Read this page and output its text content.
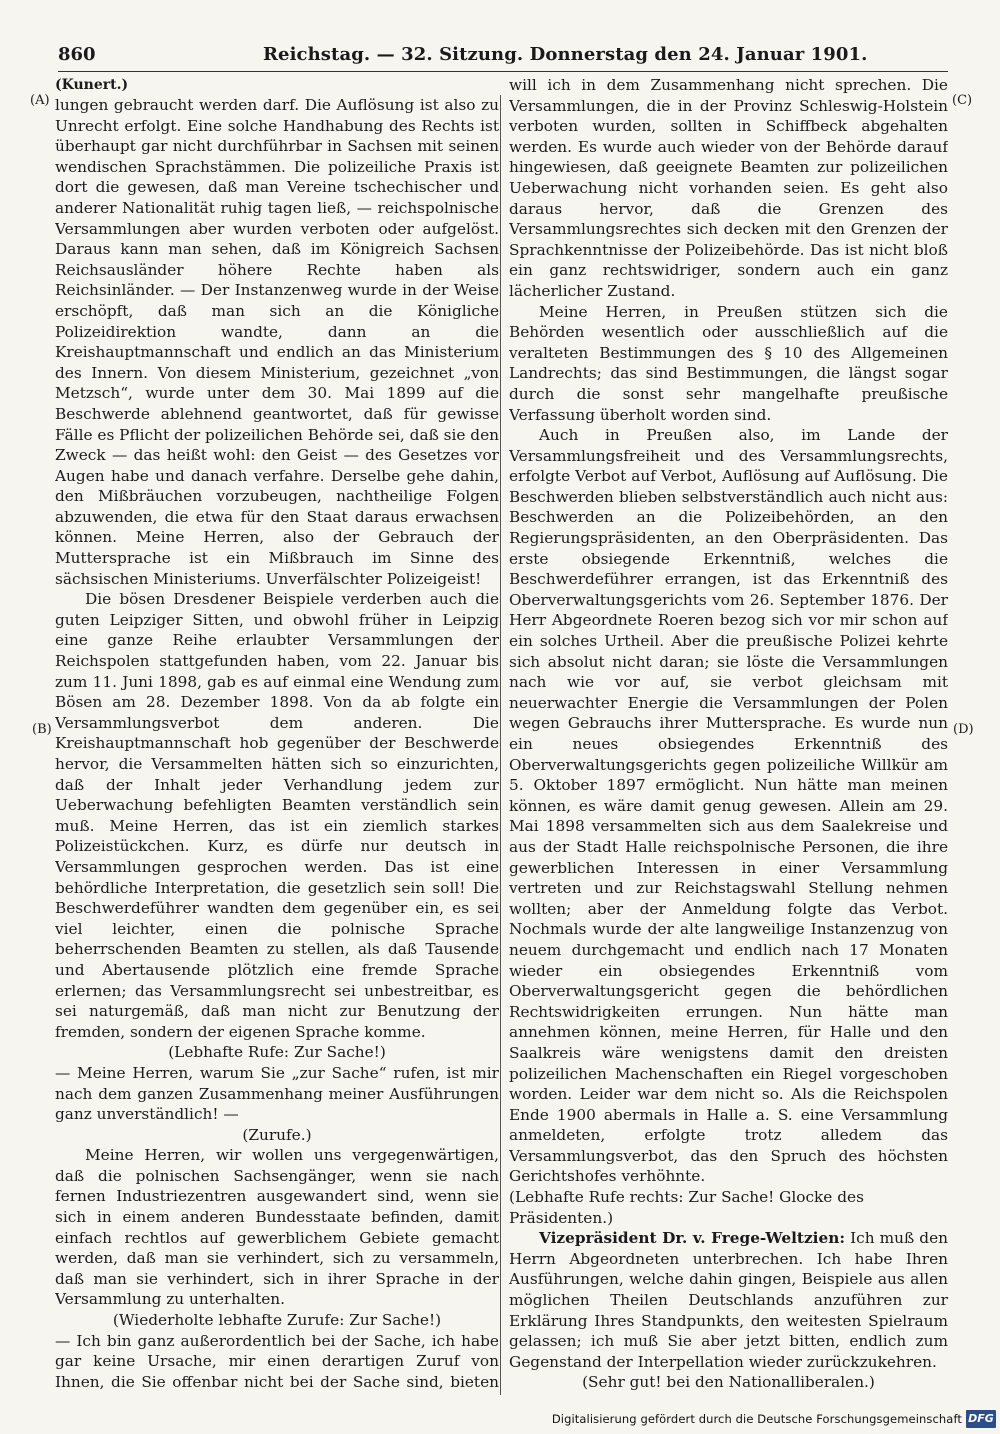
860	Reichstag. — 32. Sitzung. Donnerstag den 24. Januar 1901.
(A)
(B)
(C)
(D)

(Kunert.)

lungen gebraucht werden darf. Die Auflösung ist also zu Unrecht erfolgt. Eine solche Handhabung des Rechts ist überhaupt gar nicht durchführbar in Sachsen mit seinen wendischen Sprachstämmen. Die polizeiliche Praxis ist dort die gewesen, daß man Vereine tschechischer und anderer Nationalität ruhig tagen ließ, — reichspolnische Versammlungen aber wurden verboten oder aufgelöst. Daraus kann man sehen, daß im Königreich Sachsen Reichsausländer höhere Rechte haben als Reichsinländer. — Der Instanzenweg wurde in der Weise erschöpft, daß man sich an die Königliche Polizeidirektion wandte, dann an die Kreishauptmannschaft und endlich an das Ministerium des Innern. Von diesem Ministerium, gezeichnet „von Metzsch“, wurde unter dem 30. Mai 1899 auf die Beschwerde ablehnend geantwortet, daß für gewisse Fälle es Pflicht der polizeilichen Behörde sei, daß sie den Zweck — das heißt wohl: den Geist — des Gesetzes vor Augen habe und danach verfahre. Derselbe gehe dahin, den Mißbräuchen vorzubeugen, nachtheilige Folgen abzuwenden, die etwa für den Staat daraus erwachsen können. Meine Herren, also der Gebrauch der Muttersprache ist ein Mißbrauch im Sinne des sächsischen Ministeriums. Unverfälschter Polizeigeist!

Die bösen Dresdener Beispiele verderben auch die guten Leipziger Sitten, und obwohl früher in Leipzig eine ganze Reihe erlaubter Versammlungen der Reichspolen stattgefunden haben, vom 22. Januar bis zum 11. Juni 1898, gab es auf einmal eine Wendung zum Bösen am 28. Dezember 1898. Von da ab folgte ein Versammlungsverbot dem anderen. Die Kreishauptmannschaft hob gegenüber der Beschwerde hervor, die Versammelten hätten sich so einzurichten, daß der Inhalt jeder Verhandlung jedem zur Ueberwachung befehligten Beamten verständlich sein muß. Meine Herren, das ist ein ziemlich starkes Polizeistückchen. Kurz, es dürfe nur deutsch in Versammlungen gesprochen werden. Das ist eine behördliche Interpretation, die gesetzlich sein soll! Die Beschwerdeführer wandten dem gegenüber ein, es sei viel leichter, einen die polnische Sprache beherrschenden Beamten zu stellen, als daß Tausende und Abertausende plötzlich eine fremde Sprache erlernen; das Versammlungsrecht sei unbestreitbar, es sei naturgemäß, daß man nicht zur Benutzung der fremden, sondern der eigenen Sprache komme.

(Lebhafte Rufe: Zur Sache!)

— Meine Herren, warum Sie „zur Sache“ rufen, ist mir nach dem ganzen Zusammenhang meiner Ausführungen ganz unverständlich! —

(Zurufe.)

Meine Herren, wir wollen uns vergegenwärtigen, daß die polnischen Sachsengänger, wenn sie nach fernen Industriezentren ausgewandert sind, wenn sie sich in einem anderen Bundesstaate befinden, damit einfach rechtlos auf gewerblichem Gebiete gemacht werden, daß man sie verhindert, sich zu versammeln, daß man sie verhindert, sich in ihrer Sprache in der Versammlung zu unterhalten.

(Wiederholte lebhafte Zurufe: Zur Sache!)

— Ich bin ganz außerordentlich bei der Sache, ich habe gar keine Ursache, mir einen derartigen Zuruf von Ihnen, die Sie offenbar nicht bei der Sache sind, bieten

will ich in dem Zusammenhang nicht sprechen. Die Versammlungen, die in der Provinz Schleswig-Holstein verboten wurden, sollten in Schiffbeck abgehalten werden. Es wurde auch wieder von der Behörde darauf hingewiesen, daß geeignete Beamten zur polizeilichen Ueberwachung nicht vorhanden seien. Es geht also daraus hervor, daß die Grenzen des Versammlungsrechtes sich decken mit den Grenzen der Sprachkenntnisse der Polizeibehörde. Das ist nicht bloß ein ganz rechtswidriger, sondern auch ein ganz lächerlicher Zustand.

Meine Herren, in Preußen stützen sich die Behörden wesentlich oder ausschließlich auf die veralteten Bestimmungen des § 10 des Allgemeinen Landrechts; das sind Bestimmungen, die längst sogar durch die sonst sehr mangelhafte preußische Verfassung überholt worden sind.

Auch in Preußen also, im Lande der Versammlungsfreiheit und des Versammlungsrechts, erfolgte Verbot auf Verbot, Auflösung auf Auflösung. Die Beschwerden blieben selbstverständlich auch nicht aus: Beschwerden an die Polizeibehörden, an den Regierungspräsidenten, an den Oberpräsidenten. Das erste obsiegende Erkenntniß, welches die Beschwerdeführer errangen, ist das Erkenntniß des Oberverwaltungsgerichts vom 26. September 1876. Der Herr Abgeordnete Roeren bezog sich vor mir schon auf ein solches Urtheil. Aber die preußische Polizei kehrte sich absolut nicht daran; sie löste die Versammlungen nach wie vor auf, sie verbot gleichsam mit neuerwachter Energie die Versammlungen der Polen wegen Gebrauchs ihrer Muttersprache. Es wurde nun ein neues obsiegendes Erkenntniß des Oberverwaltungsgerichts gegen polizeiliche Willkür am 5. Oktober 1897 ermöglicht. Nun hätte man meinen können, es wäre damit genug gewesen. Allein am 29. Mai 1898 versammelten sich aus dem Saalekreise und aus der Stadt Halle reichspolnische Personen, die ihre gewerblichen Interessen in einer Versammlung vertreten und zur Reichstagswahl Stellung nehmen wollten; aber der Anmeldung folgte das Verbot. Nochmals wurde der alte langweilige Instanzenzug von neuem durchgemacht und endlich nach 17 Monaten wieder ein obsiegendes Erkenntniß vom Oberverwaltungsgericht gegen die behördlichen Rechtswidrigkeiten errungen. Nun hätte man annehmen können, meine Herren, für Halle und den Saalkreis wäre wenigstens damit den dreisten polizeilichen Machenschaften ein Riegel vorgeschoben worden. Leider war dem nicht so. Als die Reichspolen Ende 1900 abermals in Halle a. S. eine Versammlung anmeldeten, erfolgte trotz alledem das Versammlungsverbot, das den Spruch des höchsten Gerichtshofes verhöhnte.

(Lebhafte Rufe rechts: Zur Sache! Glocke des Präsidenten.)

Vizepräsident Dr. v. Frege-Weltzien: Ich muß den Herrn Abgeordneten unterbrechen. Ich habe Ihren Ausführungen, welche dahin gingen, Beispiele aus allen möglichen Theilen Deutschlands anzuführen zur Erklärung Ihres Standpunkts, den weitesten Spielraum gelassen; ich muß Sie aber jetzt bitten, endlich zum Gegenstand der Interpellation wieder zurückzukehren.

(Sehr gut! bei den Nationalliberalen.)

Digitalisierung gefördert durch die Deutsche Forschungsgemeinschaft DFG
